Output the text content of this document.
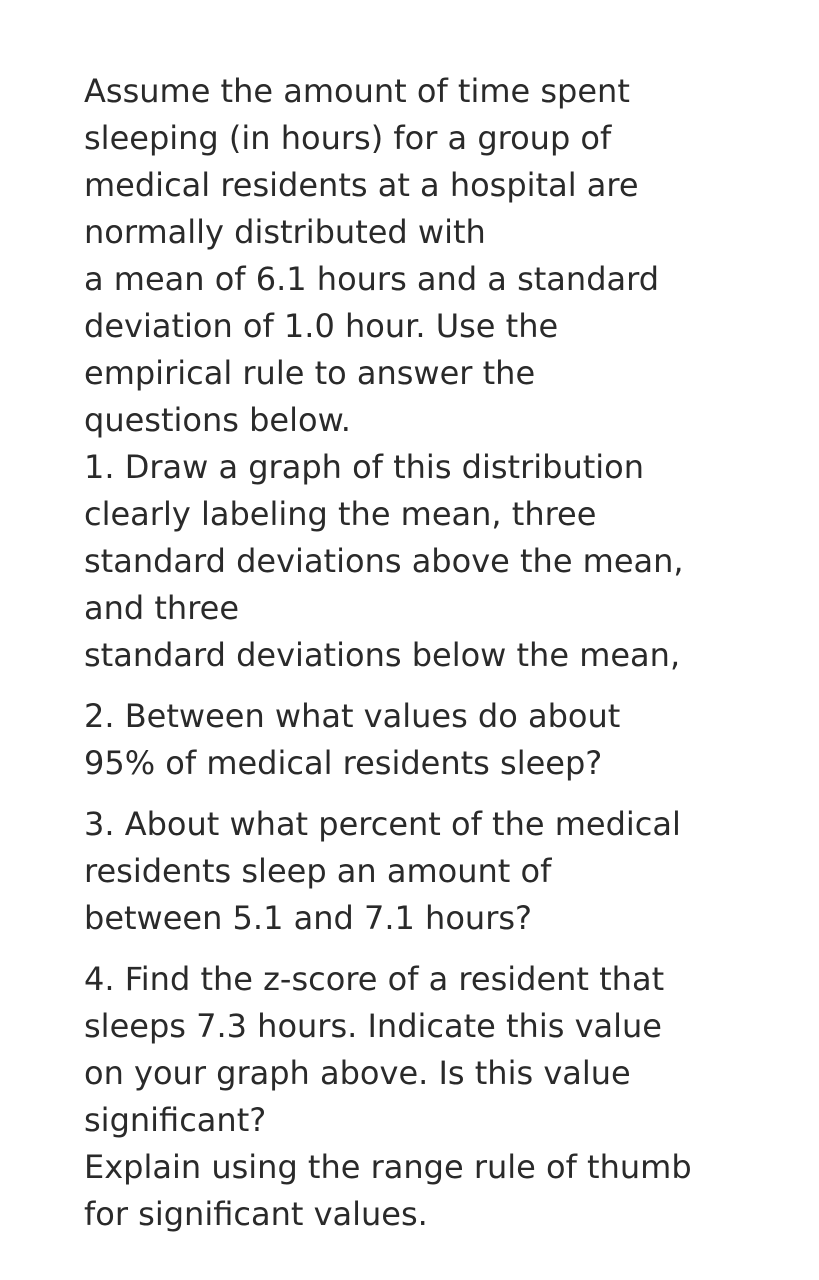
Assume the amount of time spent
sleeping (in hours) for a group of
medical residents at a hospital are
normally distributed with
a mean of 6.1 hours and a standard
deviation of 1.0 hour. Use the
empirical rule to answer the
questions below.
1. Draw a graph of this distribution
clearly labeling the mean, three
standard deviations above the mean,
and three
standard deviations below the mean,
2. Between what values do about
95% of medical residents sleep?
3. About what percent of the medical
residents sleep an amount of
between 5.1 and 7.1 hours?
4. Find the z-score of a resident that
sleeps 7.3 hours. Indicate this value
on your graph above. Is this value
significant?
Explain using the range rule of thumb
for significant values.
